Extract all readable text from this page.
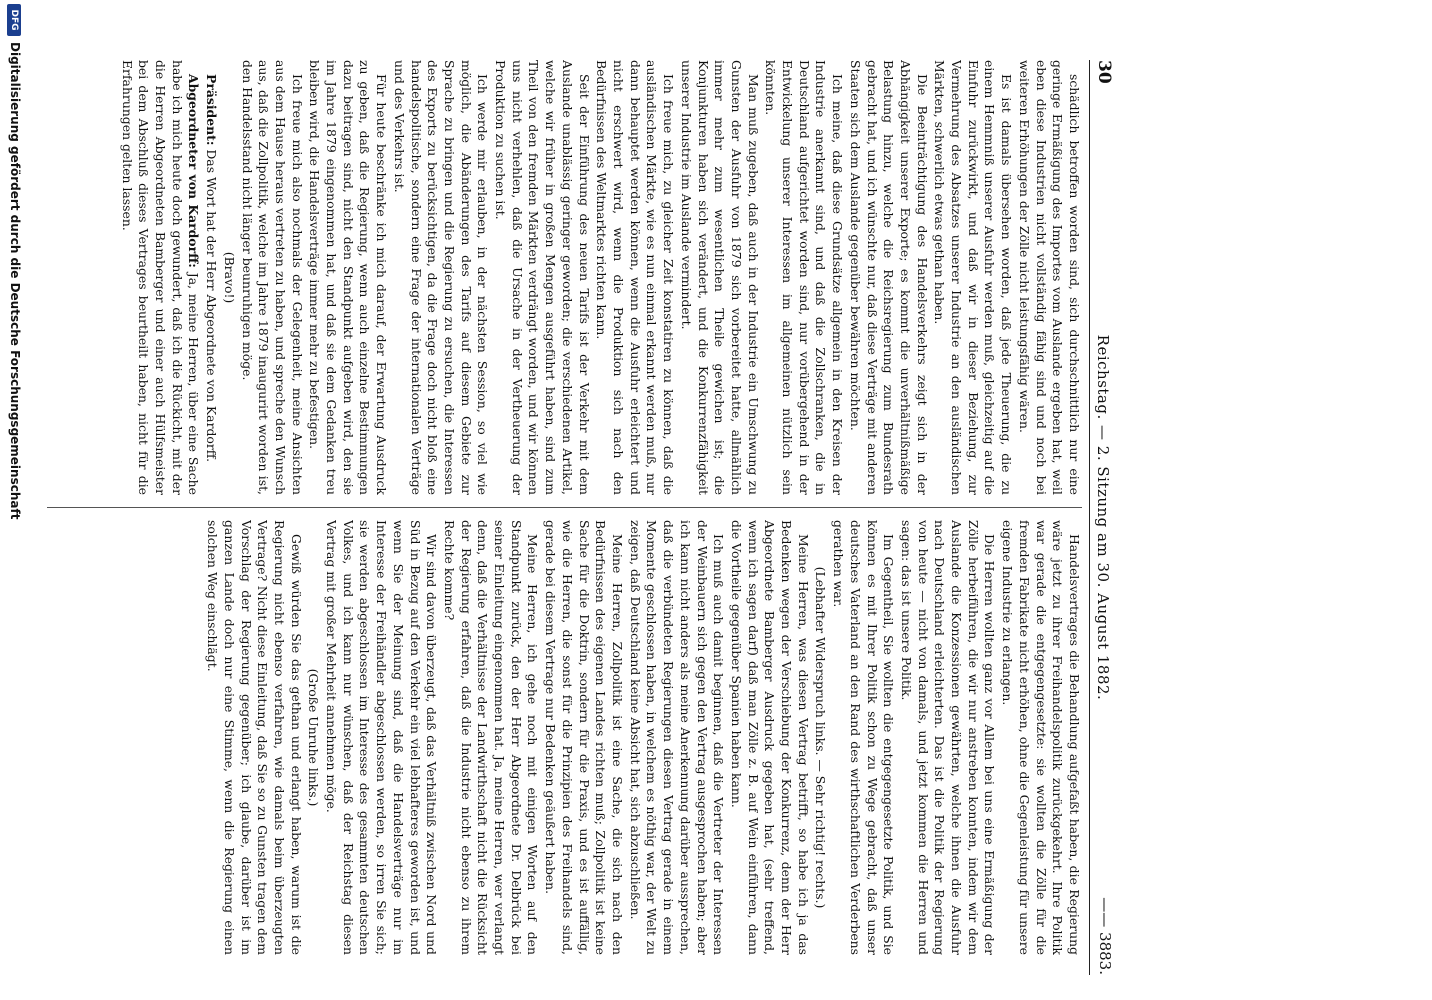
30
Reichstag. — 2. Sitzung am 30. August 1882.
—— 3883.

schädlich betroffen worden sind, sich durchschnittlich nur eine geringe Ermäßigung des Importes vom Auslande ergeben hat, weil eben diese Industrien nicht vollständig fähig sind und noch bei weiteren Erhöhungen der Zölle nicht leistungsfähig wären.

Es ist damals übersehen worden, daß jede Theuerung, die zu einem Hemmniß unserer Ausfuhr werden muß, gleichzeitig auf die Einfuhr zurückwirkt, und daß wir in dieser Beziehung, zur Vermehrung des Absatzes unserer Industrie an den ausländischen Märkten, schwerlich etwas gethan haben.

Die Beeinträchtigung des Handelsverkehrs zeigt sich in der Abhängigkeit unserer Exporte; es kommt die unverhältnißmäßige Belastung hinzu, welche die Reichsregierung zum Bundesrath gebracht hat, und ich wünschte nur, daß diese Verträge mit anderen Staaten sich dem Auslande gegenüber bewähren möchten.

Ich meine, daß diese Grundsätze allgemein in den Kreisen der Industrie anerkannt sind, und daß die Zollschranken, die in Deutschland aufgerichtet worden sind, nur vorübergehend in der Entwickelung unserer Interessen im allgemeinen nützlich sein könnten.

Man muß zugeben, daß auch in der Industrie ein Umschwung zu Gunsten der Ausfuhr von 1879 sich vorbereitet hatte, allmählich immer mehr zum wesentlichen Theile gewichen ist; die Konjunkturen haben sich verändert, und die Konkurrenzfähigkeit unserer Industrie im Auslande vermindert.

Ich freue mich, zu gleicher Zeit konstatiren zu können, daß die ausländischen Märkte, wie es nun einmal erkannt werden muß, nur dann behauptet werden können, wenn die Ausfuhr erleichtert und nicht erschwert wird, wenn die Produktion sich nach den Bedürfnissen des Weltmarktes richten kann.

Seit der Einführung des neuen Tarifs ist der Verkehr mit dem Auslande unablässig geringer geworden; die verschiedenen Artikel, welche wir früher in großen Mengen ausgeführt haben, sind zum Theil von den fremden Märkten verdrängt worden, und wir können uns nicht verhehlen, daß die Ursache in der Vertheuerung der Produktion zu suchen ist.

Ich werde mir erlauben, in der nächsten Session, so viel wie möglich, die Abänderungen des Tarifs auf diesem Gebiete zur Sprache zu bringen und die Regierung zu ersuchen, die Interessen des Exports zu berücksichtigen, da die Frage doch nicht bloß eine handelspolitische, sondern eine Frage der internationalen Verträge und des Verkehrs ist.

Für heute beschränke ich mich darauf, der Erwartung Ausdruck zu geben, daß die Regierung, wenn auch einzelne Bestimmungen dazu beitragen sind, nicht den Standpunkt aufgeben wird, den sie im Jahre 1879 eingenommen hat, und daß sie dem Gedanken treu bleiben wird, die Handelsverträge immer mehr zu befestigen.

Ich freue mich also nochmals der Gelegenheit, meine Ansichten aus dem Hause heraus vertreten zu haben, und spreche den Wunsch aus, daß die Zollpolitik, welche im Jahre 1879 inaugurirt worden ist, den Handelsstand nicht länger beunruhigen möge.

(Bravo!)

Präsident: Das Wort hat der Herr Abgeordnete von Kardorff.

Abgeordneter von Kardorff: Ja, meine Herren, über eine Sache habe ich mich heute doch gewundert, daß ich die Rückicht, mit der die Herren Abgeordneten Bamberger und einer auch Hülfsmeister bei dem Abschluß dieses Vertrages beurtheilt haben, nicht für die Erfahrungen gelten lassen.

Handelsvertrages die Behandlung aufgefaßt haben, die Regierung wäre jetzt zu ihrer Freihandelspolitik zurückgekehrt. Ihre Politik war gerade die entgegengesetzte: sie wollten die Zölle für die fremden Fabrikate nicht erhöhen, ohne die Gegenleistung für unsere eigene Industrie zu erlangen.

Die Herren wollten ganz vor Allem bei uns eine Ermäßigung der Zölle herbeiführen, die wir nur anstreben konnten, indem wir dem Auslande die Konzessionen gewährten, welche ihnen die Ausfuhr nach Deutschland erleichterten. Das ist die Politik der Regierung von heute — nicht von damals, und jetzt kommen die Herren und sagen: das ist unsere Politik.

Im Gegentheil, Sie wollten die entgegengesetzte Politik, und Sie können es mit Ihrer Politik schon zu Wege gebracht, daß unser deutsches Vaterland an den Rand des wirthschaftlichen Verderbens gerathen war.

(Lebhafter Widerspruch links. — Sehr richtig! rechts.)

Meine Herren, was diesen Vertrag betrifft, so habe ich ja das Bedenken wegen der Verschiebung der Konkurrenz, denn der Herr Abgeordnete Bamberger Ausdruck gegeben hat, (sehr treffend, wenn ich sagen darf) daß man Zölle z. B. auf Wein einführen, dann die Vortheile gegenüber Spanien haben kann.

Ich muß auch damit beginnen, daß die Vertreter der Interessen der Weinbauern sich gegen den Vertrag ausgesprochen haben; aber ich kann nicht anders als meine Anerkennung darüber aussprechen, daß die verbündeten Regierungen diesen Vertrag gerade in einem Momente geschlossen haben, in welchem es nöthig war, der Welt zu zeigen, daß Deutschland keine Absicht hat, sich abzuschließen.

Meine Herren, Zollpolitik ist eine Sache, die sich nach den Bedürfnissen des eigenen Landes richten muß; Zollpolitik ist keine Sache für die Doktrin, sondern für die Praxis, und es ist auffällig, wie die Herren, die sonst für die Prinzipien des Freihandels sind, gerade bei diesem Vertrage nur Bedenken geäußert haben.

Meine Herren, ich gehe noch mit einigen Worten auf den Standpunkt zurück, den der Herr Abgeordnete Dr. Delbrück bei seiner Einleitung eingenommen hat. Ja, meine Herren, wer verlangt denn, daß die Verhältnisse der Landwirthschaft nicht die Rücksicht der Regierung erfahren, daß die Industrie nicht ebenso zu ihrem Rechte komme?

Wir sind davon überzeugt, daß das Verhältniß zwischen Nord und Süd in Bezug auf den Verkehr ein viel lebhafteres geworden ist, und wenn Sie der Meinung sind, daß die Handelsverträge nur im Interesse der Freihändler abgeschlossen werden, so irren Sie sich; sie werden abgeschlossen im Interesse des gesammten deutschen Volkes, und ich kann nur wünschen, daß der Reichstag diesen Vertrag mit großer Mehrheit annehmen möge.

(Große Unruhe links.)

Gewiß würden Sie das gethan und erlangt haben, warum ist die Regierung nicht ebenso verfahren, wie damals beim überzeugten Vertrage? Nicht diese Einleitung, daß Sie so zu Gunsten tragen dem Vorschlag der Regierung gegenüber; ich glaube, darüber ist im ganzen Lande doch nur eine Stimme, wenn die Regierung einen solchen Weg einschlägt.

DFG
Digitalisierung gefördert durch die Deutsche Forschungsgemeinschaft
